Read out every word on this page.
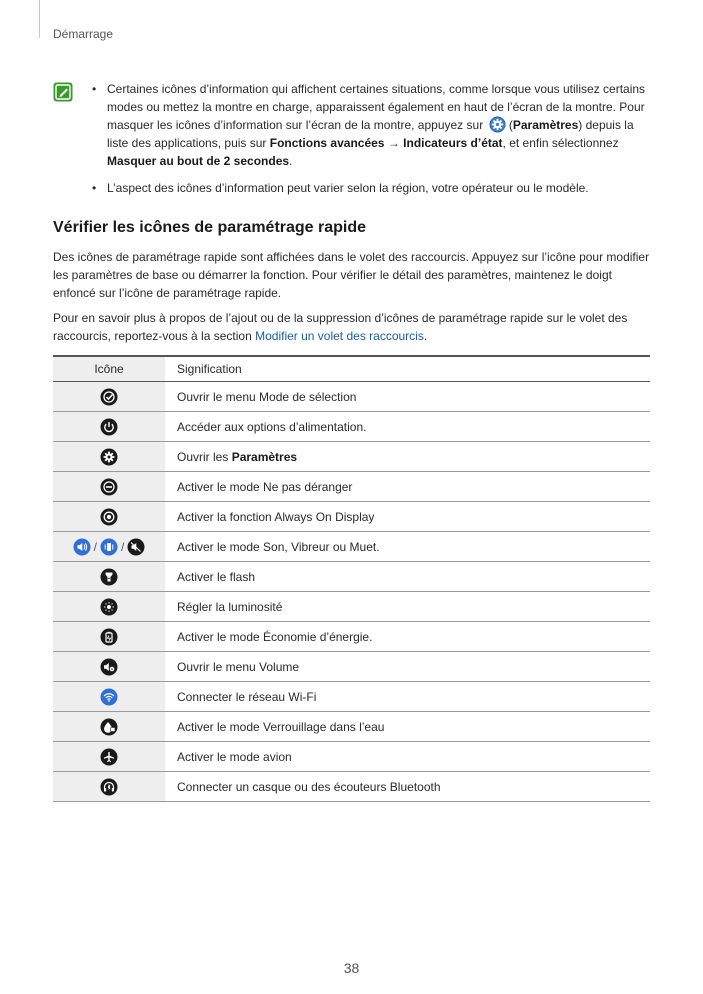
Démarrage
• Certaines icônes d’information qui affichent certaines situations, comme lorsque vous utilisez certains modes ou mettez la montre en charge, apparaissent également en haut de l’écran de la montre. Pour masquer les icônes d’information sur l’écran de la montre, appuyez sur  (Paramètres) depuis la liste des applications, puis sur Fonctions avancées → Indicateurs d’état, et enfin sélectionnez Masquer au bout de 2 secondes.
• L’aspect des icônes d’information peut varier selon la région, votre opérateur ou le modèle.
Vérifier les icônes de paramétrage rapide
Des icônes de paramétrage rapide sont affichées dans le volet des raccourcis. Appuyez sur l’icône pour modifier les paramètres de base ou démarrer la fonction. Pour vérifier le détail des paramètres, maintenez le doigt enfoncé sur l’icône de paramétrage rapide.
Pour en savoir plus à propos de l’ajout ou de la suppression d’icônes de paramétrage rapide sur le volet des raccourcis, reportez-vous à la section Modifier un volet des raccourcis.
Icône	Signification
	Ouvrir le menu Mode de sélection
	Accéder aux options d’alimentation.
	Ouvrir les Paramètres
	Activer le mode Ne pas déranger
	Activer la fonction Always On Display
/ /	Activer le mode Son, Vibreur ou Muet.
	Activer le flash
	Régler la luminosité
	Activer le mode Économie d’énergie.
	Ouvrir le menu Volume
	Connecter le réseau Wi-Fi
	Activer le mode Verrouillage dans l’eau
	Activer le mode avion
	Connecter un casque ou des écouteurs Bluetooth
38
